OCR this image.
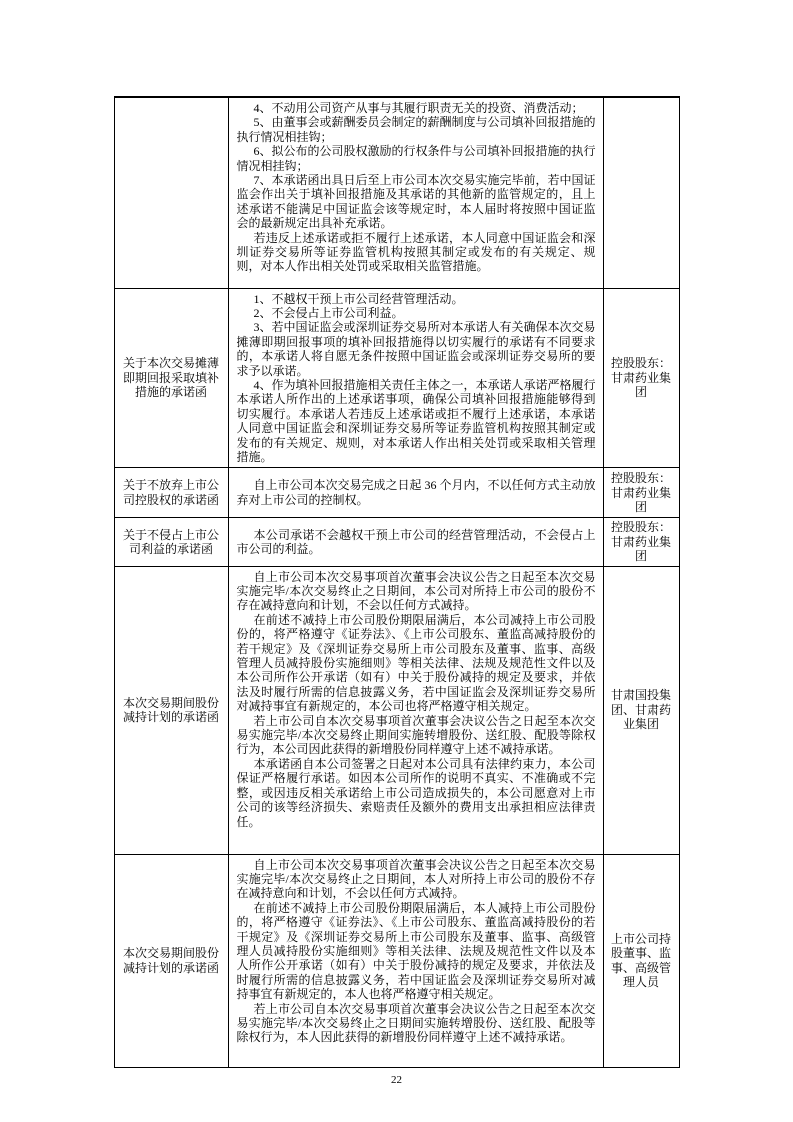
	4、不动用公司资产从事与其履行职责无关的投资、消费活动；

5、由董事会或薪酬委员会制定的薪酬制度与公司填补回报措施的执行情况相挂钩；

6、拟公布的公司股权激励的行权条件与公司填补回报措施的执行情况相挂钩；

7、本承诺函出具日后至上市公司本次交易实施完毕前，若中国证监会作出关于填补回报措施及其承诺的其他新的监管规定的，且上述承诺不能满足中国证监会该等规定时，本人届时将按照中国证监会的最新规定出具补充承诺。

若违反上述承诺或拒不履行上述承诺，本人同意中国证监会和深圳证券交易所等证券监管机构按照其制定或发布的有关规定、规则，对本人作出相关处罚或采取相关监管措施。	

关于本次交易摊薄即期回报采取填补措施的承诺函	1、不越权干预上市公司经营管理活动。

2、不会侵占上市公司利益。

3、若中国证监会或深圳证券交易所对本承诺人有关确保本次交易摊薄即期回报事项的填补回报措施得以切实履行的承诺有不同要求的，本承诺人将自愿无条件按照中国证监会或深圳证券交易所的要求予以承诺。

4、作为填补回报措施相关责任主体之一，本承诺人承诺严格履行本承诺人所作出的上述承诺事项，确保公司填补回报措施能够得到切实履行。本承诺人若违反上述承诺或拒不履行上述承诺，本承诺人同意中国证监会和深圳证券交易所等证券监管机构按照其制定或发布的有关规定、规则，对本承诺人作出相关处罚或采取相关管理措施。	控股股东：甘肃药业集团
关于不放弃上市公司控股权的承诺函	自上市公司本次交易完成之日起 36 个月内，不以任何方式主动放弃对上市公司的控制权。	控股股东：甘肃药业集团
关于不侵占上市公司利益的承诺函	本公司承诺不会越权干预上市公司的经营管理活动，不会侵占上市公司的利益。	控股股东：甘肃药业集团
本次交易期间股份减持计划的承诺函	自上市公司本次交易事项首次董事会决议公告之日起至本次交易实施完毕/本次交易终止之日期间，本公司对所持上市公司的股份不存在减持意向和计划，不会以任何方式减持。

在前述不减持上市公司股份期限届满后，本公司减持上市公司股份的，将严格遵守《证券法》、《上市公司股东、董监高减持股份的若干规定》及《深圳证券交易所上市公司股东及董事、监事、高级管理人员减持股份实施细则》等相关法律、法规及规范性文件以及本公司所作公开承诺（如有）中关于股份减持的规定及要求，并依法及时履行所需的信息披露义务，若中国证监会及深圳证券交易所对减持事宜有新规定的，本公司也将严格遵守相关规定。

若上市公司自本次交易事项首次董事会决议公告之日起至本次交易实施完毕/本次交易终止期间实施转增股份、送红股、配股等除权行为，本公司因此获得的新增股份同样遵守上述不减持承诺。

本承诺函自本公司签署之日起对本公司具有法律约束力，本公司保证严格履行承诺。如因本公司所作的说明不真实、不准确或不完整，或因违反相关承诺给上市公司造成损失的，本公司愿意对上市公司的该等经济损失、索赔责任及额外的费用支出承担相应法律责任。	甘肃国投集团、甘肃药业集团
本次交易期间股份减持计划的承诺函	自上市公司本次交易事项首次董事会决议公告之日起至本次交易实施完毕/本次交易终止之日期间，本人对所持上市公司的股份不存在减持意向和计划，不会以任何方式减持。

在前述不减持上市公司股份期限届满后，本人减持上市公司股份的，将严格遵守《证券法》、《上市公司股东、董监高减持股份的若干规定》及《深圳证券交易所上市公司股东及董事、监事、高级管理人员减持股份实施细则》等相关法律、法规及规范性文件以及本人所作公开承诺（如有）中关于股份减持的规定及要求，并依法及时履行所需的信息披露义务，若中国证监会及深圳证券交易所对减持事宜有新规定的，本人也将严格遵守相关规定。

若上市公司自本次交易事项首次董事会决议公告之日起至本次交易实施完毕/本次交易终止之日期间实施转增股份、送红股、配股等除权行为，本人因此获得的新增股份同样遵守上述不减持承诺。	上市公司持股董事、监事、高级管理人员
22
